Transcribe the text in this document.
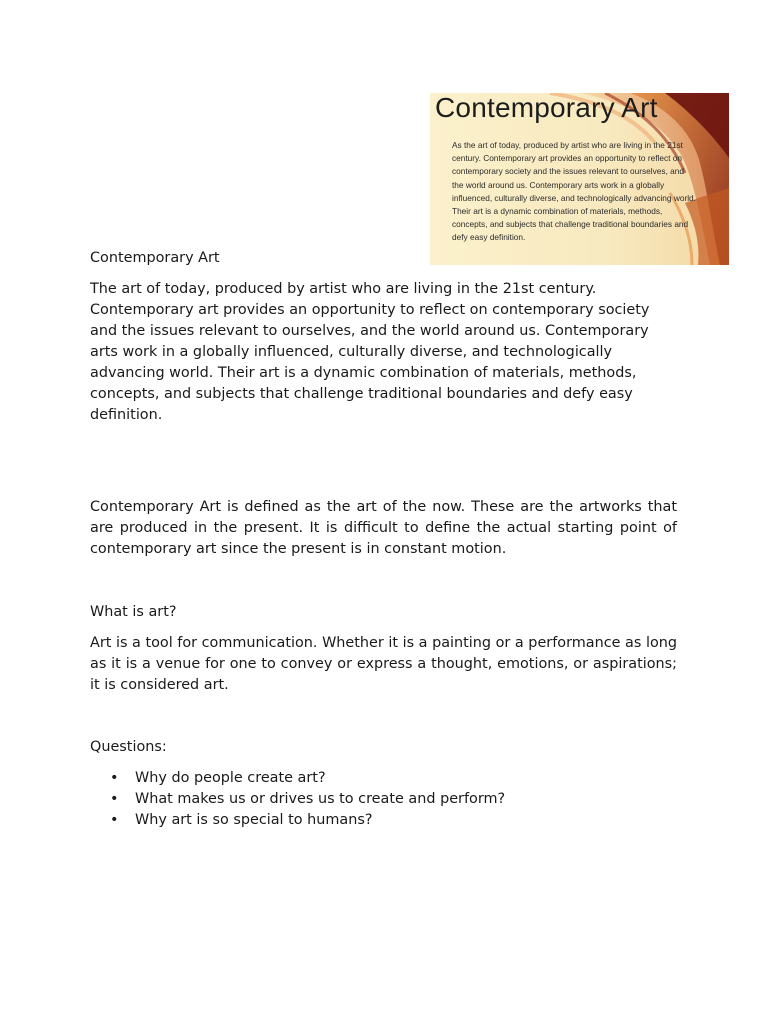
Contemporary Art
As the art of today, produced by artist who are living in the 21st century. Contemporary art provides an opportunity to reflect on contemporary society and the issues relevant to ourselves, and the world around us. Contemporary arts work in a globally influenced, culturally diverse, and technologically advancing world. Their art is a dynamic combination of materials, methods, concepts, and subjects that challenge traditional boundaries and defy easy definition.

Contemporary Art

The art of today, produced by artist who are living in the 21st century. Contemporary art provides an opportunity to reflect on contemporary society and the issues relevant to ourselves, and the world around us. Contemporary arts work in a globally influenced, culturally diverse, and technologically advancing world. Their art is a dynamic combination of materials, methods, concepts, and subjects that challenge traditional boundaries and defy easy definition.

Contemporary Art is defined as the art of the now. These are the artworks that are produced in the present. It is difficult to define the actual starting point of contemporary art since the present is in constant motion.

What is art?

Art is a tool for communication. Whether it is a painting or a performance as long as it is a venue for one to convey or express a thought, emotions, or aspirations; it is considered art.

Questions:

• Why do people create art?
• What makes us or drives us to create and perform?
• Why art is so special to humans?
